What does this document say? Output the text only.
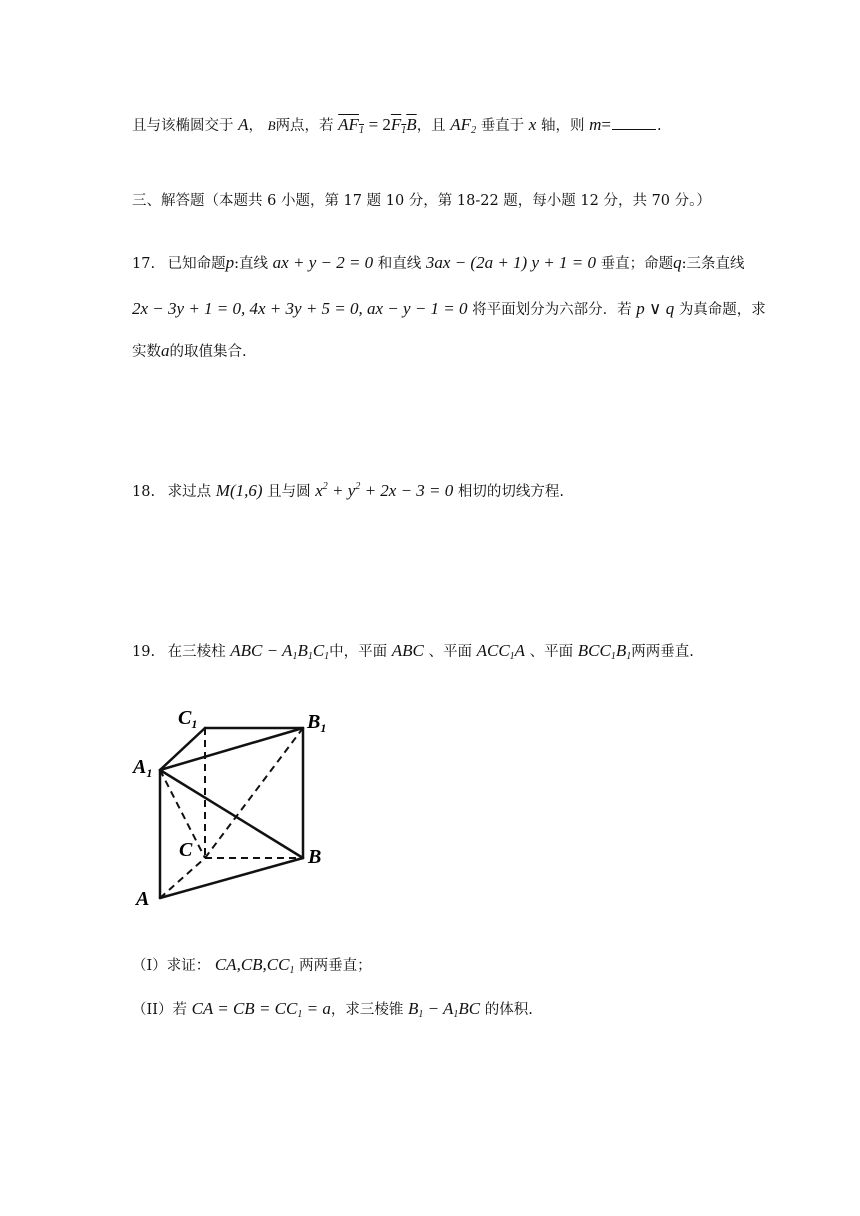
且与该椭圆交于 A， B两点，若 $AF_1 = 2F_1B$，且 $AF_2$ 垂直于 x 轴，则 m=	.
三、解答题（本题共 6 小题，第 17 题 10 分，第 18-22 题，每小题 12 分，共 70 分。）
17. 已知命题p:直线 ax + y − 2 = 0 和直线 3ax − (2a + 1) y + 1 = 0 垂直；命题q:三条直线
2x − 3y + 1 = 0, 4x + 3y + 5 = 0, ax − y − 1 = 0 将平面划分为六部分．若 p ∨ q 为真命题，求
实数a的取值集合.
18. 求过点 M(1,6) 且与圆 $x^2 + y^2 + 2x - 3 = 0$ 相切的切线方程.
19. 在三棱柱 ABC − $A_1B_1C_1$中，平面 ABC 、平面 $ACC_1A$ 、平面 $BCC_1B_1$两两垂直.
$C_1$	$B_1$
$A_1$
C	B
A
（I）求证： $CA,CB,CC_1$ 两两垂直；
（II）若 CA = CB = $CC_1 = a$，求三棱锥 $B_1 - A_1BC$ 的体积.
